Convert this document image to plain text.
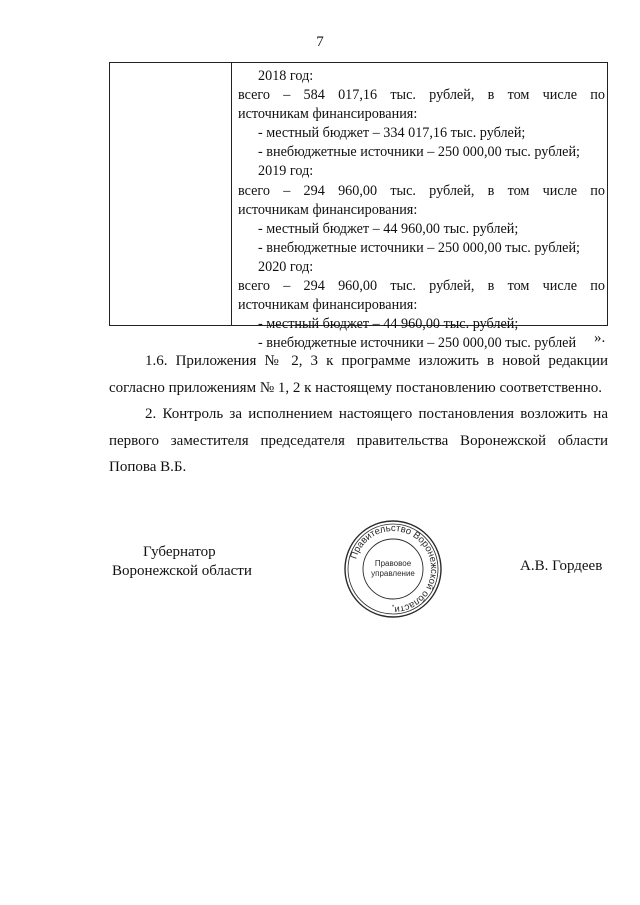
7
2018 год:
всего – 584 017,16 тыс. рублей, в том числе по
источникам финансирования:
- местный бюджет – 334 017,16 тыс. рублей;
- внебюджетные источники – 250 000,00 тыс. рублей;
2019 год:
всего – 294 960,00 тыс. рублей, в том числе по
источникам финансирования:
- местный бюджет – 44 960,00 тыс. рублей;
- внебюджетные источники – 250 000,00 тыс. рублей;
2020 год:
всего – 294 960,00 тыс. рублей, в том числе по
источникам финансирования:
- местный бюджет – 44 960,00 тыс. рублей;
- внебюджетные источники – 250 000,00 тыс. рублей	».

1.6. Приложения № 2, 3 к программе изложить в новой редакции согласно приложениям № 1, 2 к настоящему постановлению соответственно.

2. Контроль за исполнением настоящего постановления возложить на первого заместителя председателя правительства Воронежской области Попова В.Б.

Губернатор
Воронежской области
Правительство Воронежской области
Правовое
управление
*
А.В. Гордеев
